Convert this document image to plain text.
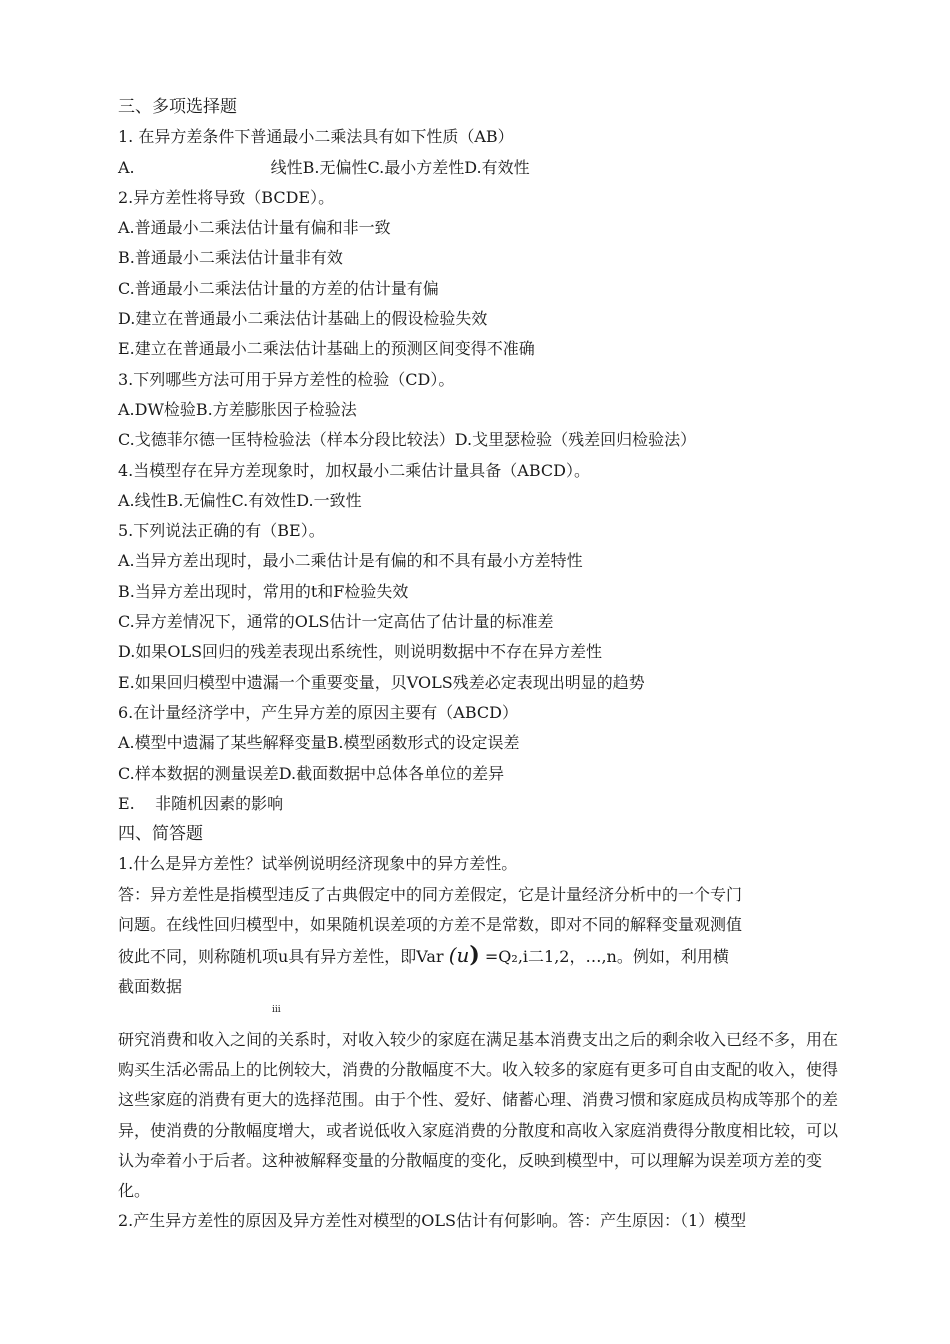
三、多项选择题
1. 在异方差条件下普通最小二乘法具有如下性质（AB）
A.	线性B.无偏性C.最小方差性D.有效性
2.异方差性将导致（BCDE）。
A.普通最小二乘法估计量有偏和非一致
B.普通最小二乘法估计量非有效
C.普通最小二乘法估计量的方差的估计量有偏
D.建立在普通最小二乘法估计基础上的假设检验失效
E.建立在普通最小二乘法估计基础上的预测区间变得不准确
3.下列哪些方法可用于异方差性的检验（CD）。
A.DW检验B.方差膨胀因子检验法
C.戈德菲尔德一匡特检验法（样本分段比较法）D.戈里瑟检验（残差回归检验法）
4.当模型存在异方差现象时，加权最小二乘估计量具备（ABCD）。
A.线性B.无偏性C.有效性D.一致性
5.下列说法正确的有（BE）。
A.当异方差出现时，最小二乘估计是有偏的和不具有最小方差特性
B.当异方差出现时，常用的t和F检验失效
C.异方差情况下，通常的OLS估计一定高估了估计量的标准差
D.如果OLS回归的残差表现出系统性，则说明数据中不存在异方差性
E.如果回归模型中遗漏一个重要变量，贝VOLS残差必定表现出明显的趋势
6.在计量经济学中，产生异方差的原因主要有（ABCD）
A.模型中遗漏了某些解释变量B.模型函数形式的设定误差
C.样本数据的测量误差D.截面数据中总体各单位的差异
E.    非随机因素的影响
四、简答题
1.什么是异方差性？试举例说明经济现象中的异方差性。
答：异方差性是指模型违反了古典假定中的同方差假定，它是计量经济分析中的一个专门
问题。在线性回归模型中，如果随机误差项的方差不是常数，即对不同的解释变量观测值
彼此不同，则称随机项u具有异方差性，即Var (u) =Q₂,i二1,2，…,n。例如，利用横
截面数据
iii

研究消费和收入之间的关系时，对收入较少的家庭在满足基本消费支出之后的剩余收入已经不多，用在购买生活必需品上的比例较大，消费的分散幅度不大。收入较多的家庭有更多可自由支配的收入，使得这些家庭的消费有更大的选择范围。由于个性、爱好、储蓄心理、消费习惯和家庭成员构成等那个的差异，使消费的分散幅度增大，或者说低收入家庭消费的分散度和高收入家庭消费得分散度相比较，可以认为牵着小于后者。这种被解释变量的分散幅度的变化，反映到模型中，可以理解为误差项方差的变化。

2.产生异方差性的原因及异方差性对模型的OLS估计有何影响。答：产生原因：（1）模型
